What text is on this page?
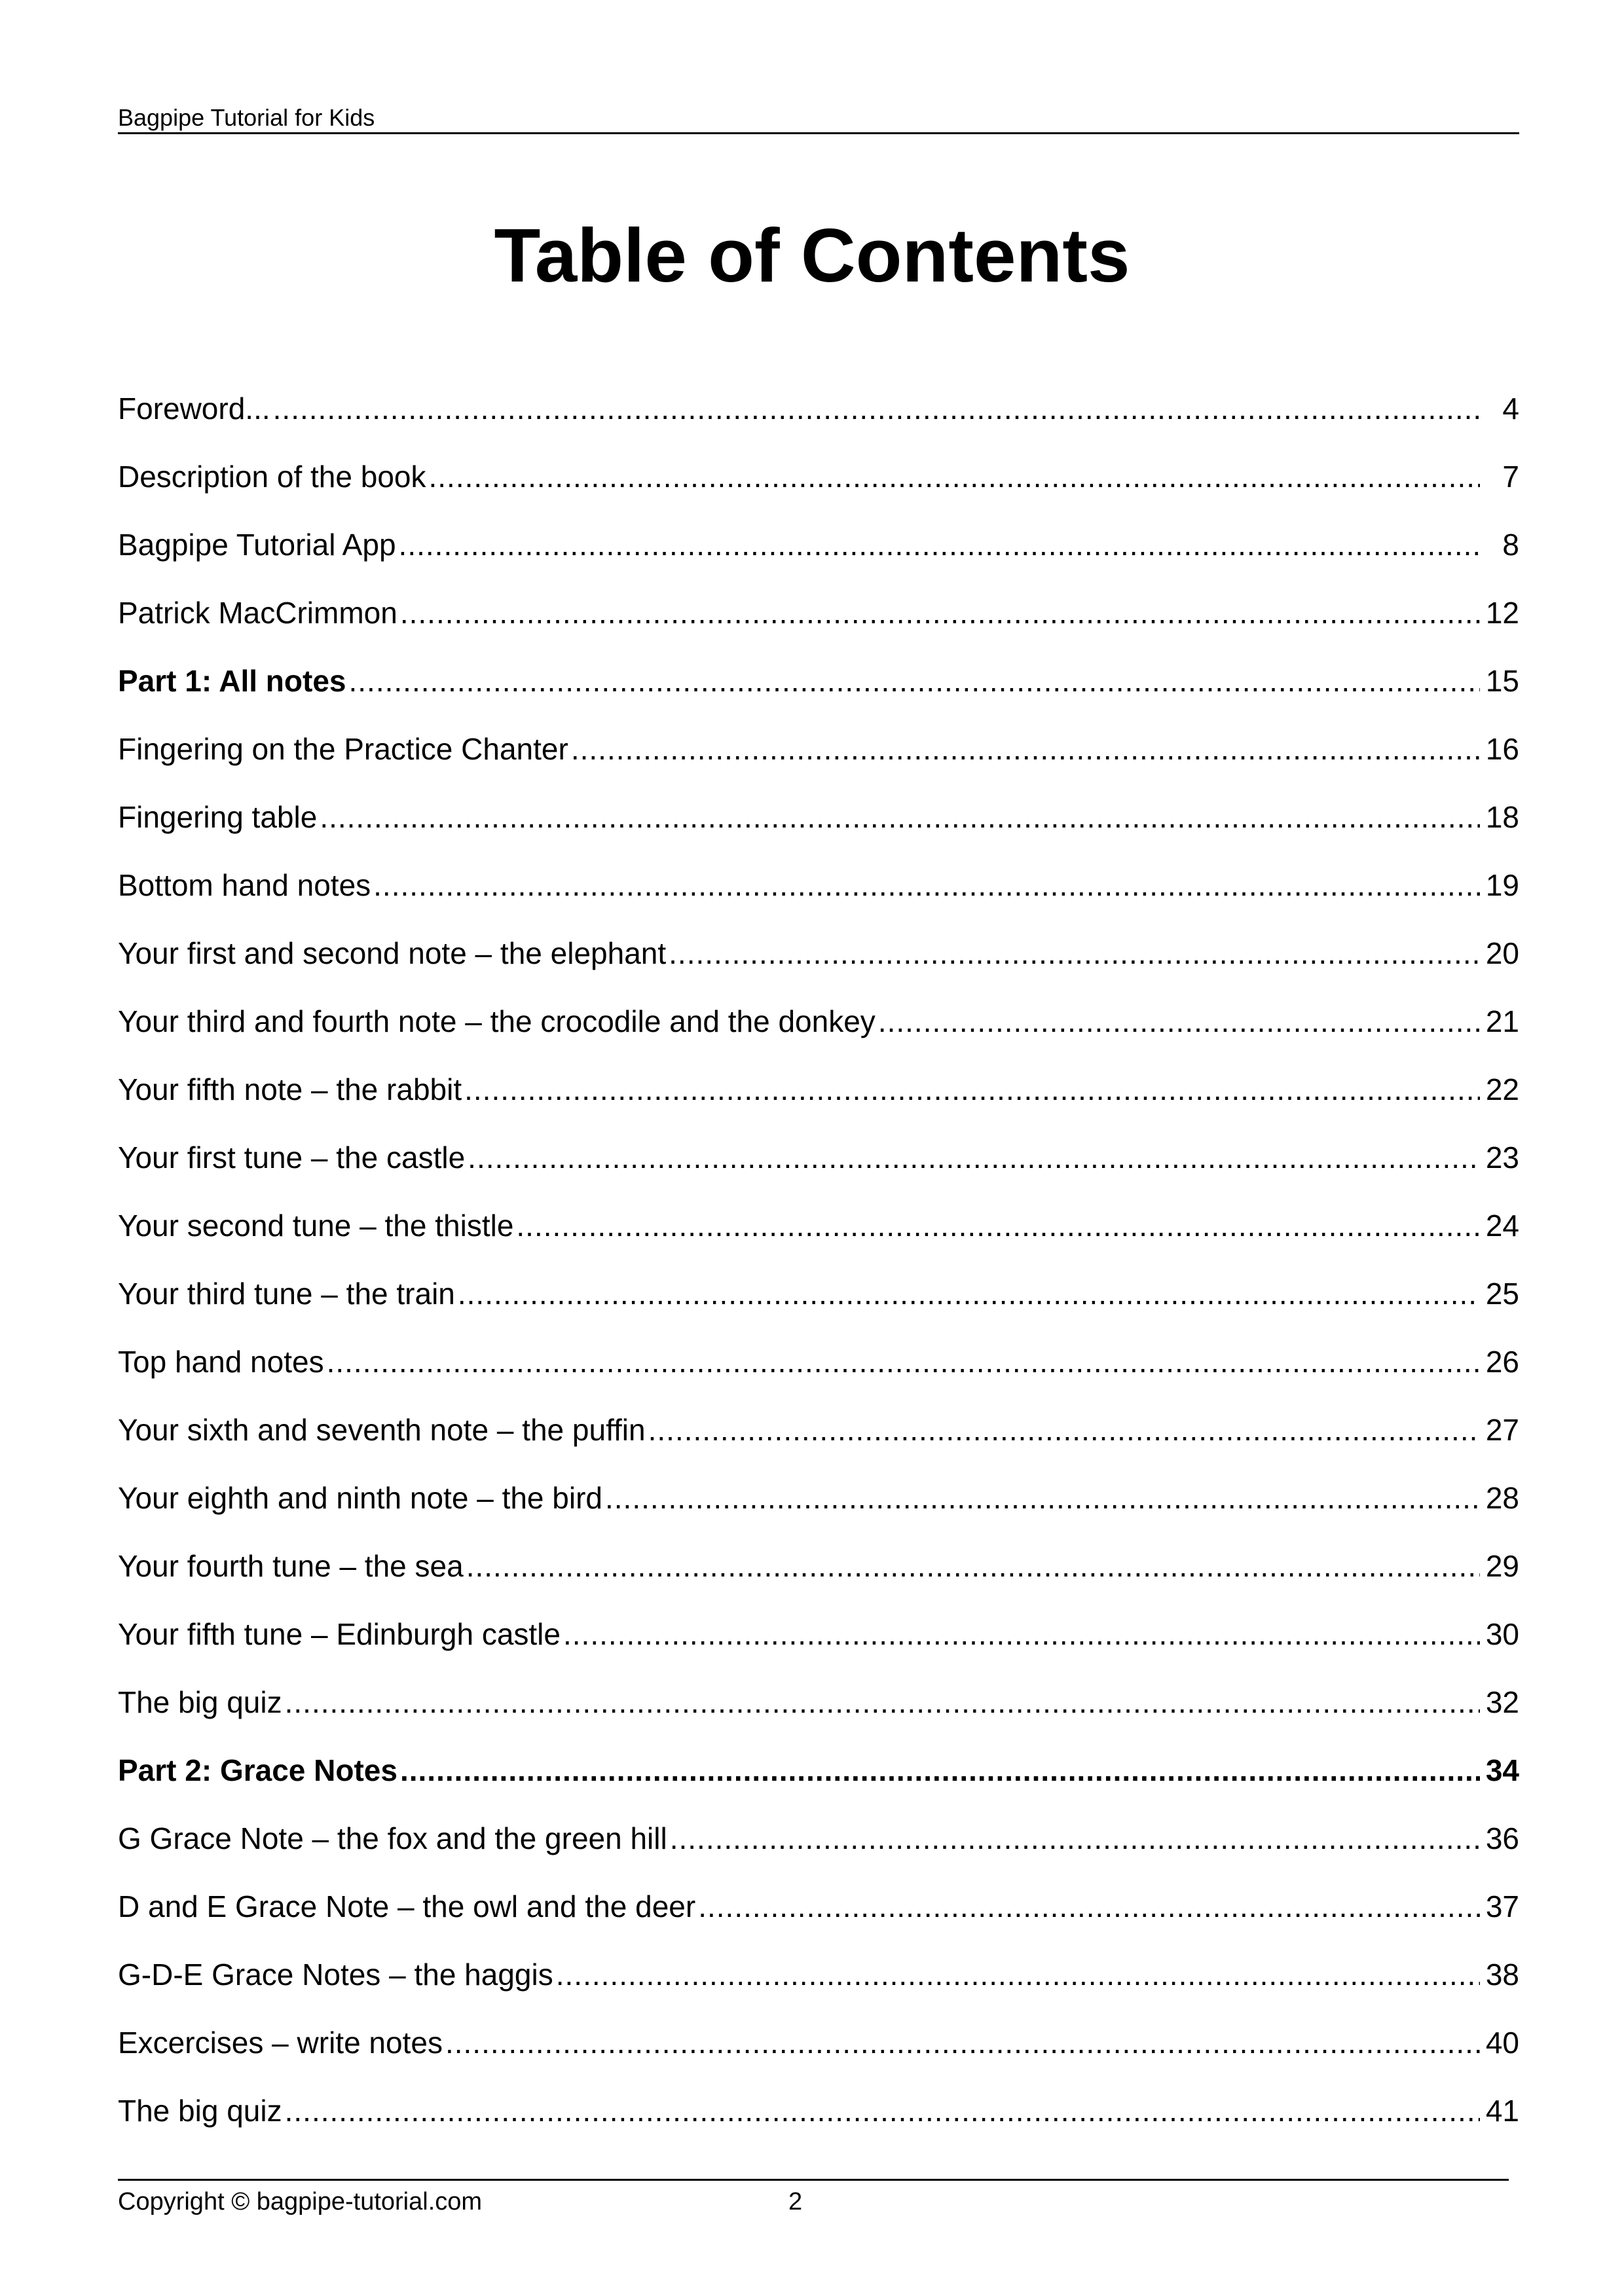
Bagpipe Tutorial for Kids
Table of Contents
Foreword... .....	4
Description of the book .....	7
Bagpipe Tutorial App .....	8
Patrick MacCrimmon .....	12
Part 1: All notes .....	15
Fingering on the Practice Chanter .....	16
Fingering table .....	18
Bottom hand notes .....	19
Your first and second note – the elephant .....	20
Your third and fourth note – the crocodile and the donkey .....	21
Your fifth note – the rabbit .....	22
Your first tune – the castle .....	23
Your second tune – the thistle .....	24
Your third tune – the train .....	25
Top hand notes .....	26
Your sixth and seventh note – the puffin .....	27
Your eighth and ninth note – the bird .....	28
Your fourth tune – the sea .....	29
Your fifth tune – Edinburgh castle .....	30
The big quiz .....	32
Part 2: Grace Notes .....	34
G Grace Note – the fox and the green hill .....	36
D and E Grace Note – the owl and the deer .....	37
G-D-E Grace Notes – the haggis .....	38
Excercises – write notes .....	40
The big quiz .....	41
Copyright © bagpipe-tutorial.com	2
